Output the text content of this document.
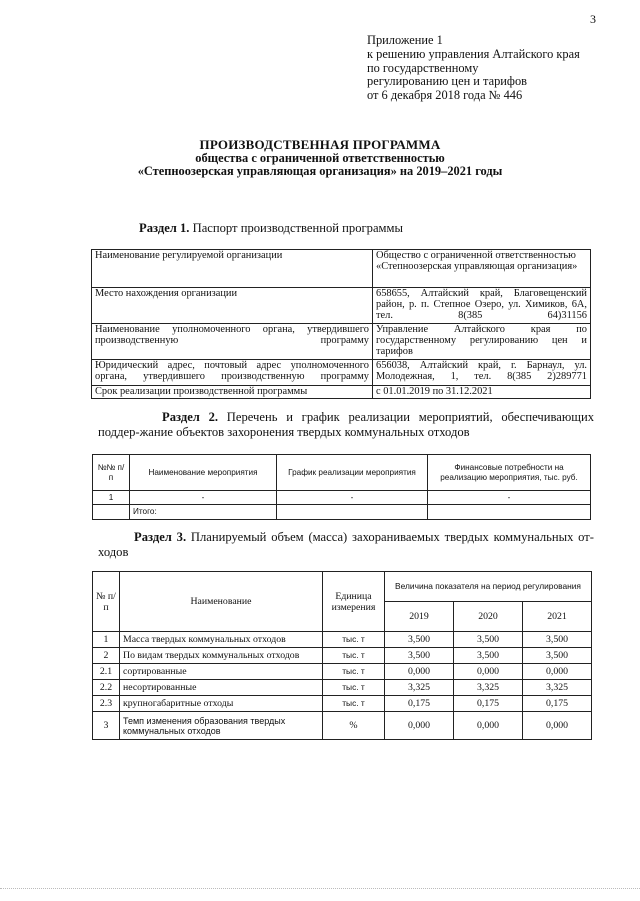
3
Приложение 1
к решению управления Алтайского края
по государственному
регулированию цен и тарифов
от 6 декабря 2018 года № 446
ПРОИЗВОДСТВЕННАЯ ПРОГРАММА
общества с ограниченной ответственностью
«Степноозерская управляющая организация» на 2019–2021 годы
Раздел 1. Паспорт производственной программы
Наименование регулируемой организации	Общество с ограниченной ответственностью «Степноозерская управляющая организация»
Место нахождения организации	658655, Алтайский край, Благовещенский район, р. п. Степное Озеро, ул. Химиков, 6А, тел. 8(385 64)31156
Наименование уполномоченного органа, утвердившего производственную программу	Управление Алтайского края по государственному регулированию цен и тарифов
Юридический адрес, почтовый адрес уполномоченного органа, утвердившего производственную программу	656038, Алтайский край, г. Барнаул, ул. Молодежная, 1, тел. 8(385 2)289771
Срок реализации производственной программы	с 01.01.2019 по 31.12.2021
Раздел 2. Перечень и график реализации мероприятий, обеспечивающих поддер-жание объектов захоронения твердых коммунальных отходов
№№ п/п	Наименование мероприятия	График реализации мероприятия	Финансовые потребности на реализацию мероприятия, тыс. руб.
1	-	-	-
	Итого:		
Раздел 3. Планируемый объем (масса) захораниваемых твердых коммунальных от-ходов
№ п/п	Наименование	Единица измерения	Величина показателя на период регулирования		
			2019	2020	2021
1	Масса твердых коммунальных отходов	тыс. т	3,500	3,500	3,500
2	По видам твердых коммунальных отходов	тыс. т	3,500	3,500	3,500
2.1	сортированные	тыс. т	0,000	0,000	0,000
2.2	несортированные	тыс. т	3,325	3,325	3,325
2.3	крупногабаритные отходы	тыс. т	0,175	0,175	0,175
3	Темп изменения образования твердых коммунальных отходов	%	0,000	0,000	0,000
